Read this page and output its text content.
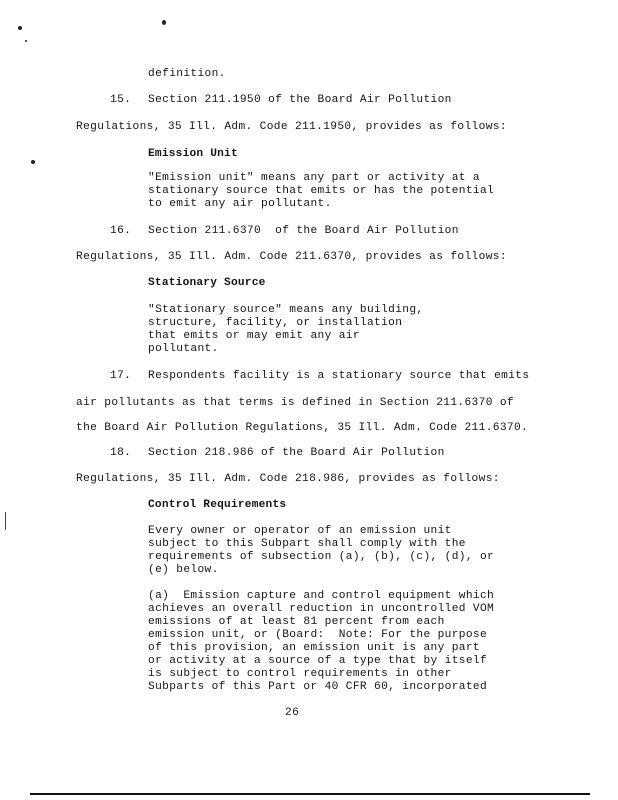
definition.
15. Section 211.1950 of the Board Air Pollution
Regulations, 35 Ill. Adm. Code 211.1950, provides as follows:
Emission Unit
"Emission unit" means any part or activity at a
stationary source that emits or has the potential
to emit any air pollutant.
16. Section 211.6370  of the Board Air Pollution
Regulations, 35 Ill. Adm. Code 211.6370, provides as follows:
Stationary Source
"Stationary source" means any building,
structure, facility, or installation
that emits or may emit any air
pollutant.
17. Respondents facility is a stationary source that emits
air pollutants as that terms is defined in Section 211.6370 of
the Board Air Pollution Regulations, 35 Ill. Adm. Code 211.6370.
18. Section 218.986 of the Board Air Pollution
Regulations, 35 Ill. Adm. Code 218.986, provides as follows:
Control Requirements
Every owner or operator of an emission unit
subject to this Subpart shall comply with the
requirements of subsection (a), (b), (c), (d), or
(e) below.
(a)  Emission capture and control equipment which
achieves an overall reduction in uncontrolled VOM
emissions of at least 81 percent from each
emission unit, or (Board:  Note: For the purpose
of this provision, an emission unit is any part
or activity at a source of a type that by itself
is subject to control requirements in other
Subparts of this Part or 40 CFR 60, incorporated
26
